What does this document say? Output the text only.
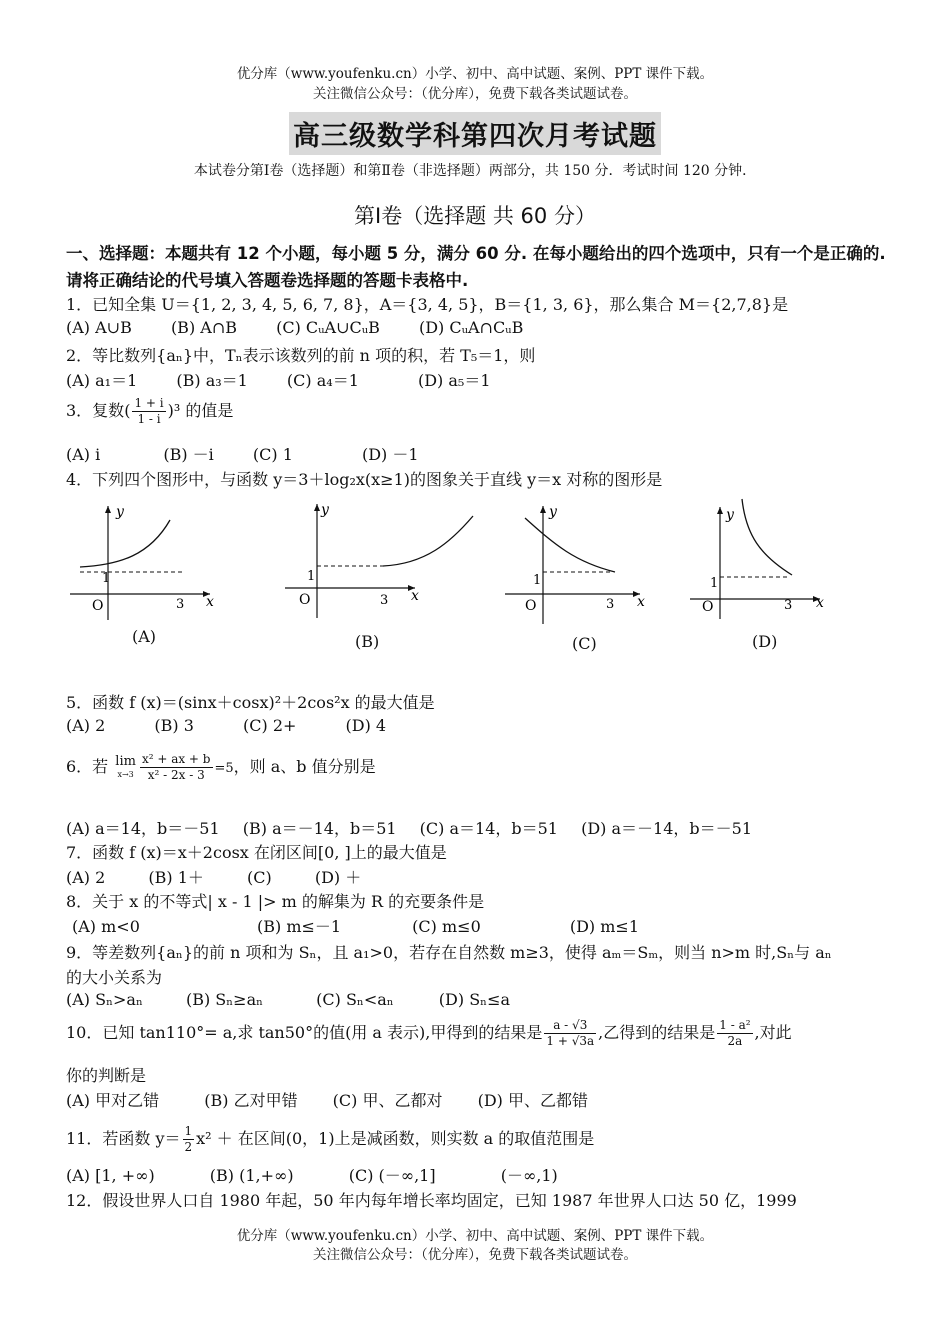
优分库（www.youfenku.cn）小学、初中、高中试题、案例、PPT 课件下载。
关注微信公众号：（优分库），免费下载各类试题试卷。
高三级数学科第四次月考试题
本试卷分第Ⅰ卷（选择题）和第Ⅱ卷（非选择题）两部分，共 150 分．考试时间 120 分钟．
第Ⅰ卷（选择题 共 60 分）
一、选择题：本题共有 12 个小题，每小题 5 分，满分 60 分. 在每小题给出的四个选项中，只有一个是正确的. 请将正确结论的代号填入答题卷选择题的答题卡表格中.
1．已知全集 U＝{1, 2, 3, 4, 5, 6, 7, 8}，A＝{3, 4, 5}，B＝{1, 3, 6}，那么集合 M＝{2,7,8}是
(A) A∪B (B) A∩B (C) CᵤA∪CᵤB (D) CᵤA∩CᵤB
2．等比数列{aₙ}中，Tₙ表示该数列的前 n 项的积，若 T₅＝1，则
(A) a₁＝1 (B) a₃＝1 (C) a₄＝1	(D) a₅＝1
3．复数( $\frac{1 + i}{1 - i} )^3$ 的值是
(A) i	(B) －i (C) 1	(D) －1
4．下列四个图形中，与函数 y＝3＋log₂x(x≥1)的图象关于直线 y＝x 对称的图形是
y
x
O
1
3
(A)
y
x
O
1
3
(B)
y
x
O
1
3
(C)
y
x
O
1
3
(D)
5．函数 f (x)＝(sinx＋cosx)²＋2cos²x 的最大值是
(A) 2	(B) 3	(C) 2+	(D) 4
6．若 lim
$x\to 3 \frac{\text{x² + ax + b}}{\text{x² - 2x - 3}} =5$，则 a、b 值分别是
(A) a＝14，b＝－51 (B) a＝－14，b＝51 (C) a＝14，b＝51 (D) a＝－14，b＝－51
7．函数 f (x)＝x＋2cosx 在闭区间[0, ]上的最大值是
(A) 2	(B) 1＋	(C)	(D) ＋
8．关于 x 的不等式| x - 1 |> m 的解集为 R 的充要条件是
(A) m<0	(B) m≤－1	(C) m≤0	(D) m≤1
9．等差数列{aₙ}的前 n 项和为 Sₙ，且 a₁>0，若存在自然数 m≥3，使得 aₘ＝Sₘ，则当 n>m 时,Sₙ与 aₙ
的大小关系为
(A) Sₙ>aₙ	(B) Sₙ≥aₙ	(C) Sₙ<aₙ	(D) Sₙ≤a
10．已知 tan110°= a,求 tan50°的值(用 a 表示),甲得到的结果是 $\frac{a - √3}{1 + √3a}$ ,乙得到的结果是 $\frac{\text{1 - a²}}{2a}$ ,对此
你的判断是
(A) 甲对乙错	(B) 乙对甲错 (C) 甲、乙都对 (D) 甲、乙都错
11．若函数 $y= \frac{1}{2} x^2$ ＋ 在区间(0，1)上是减函数，则实数 a 的取值范围是
(A) [1, +∞)	(B) (1,+∞)	(C) (－∞,1]	(－∞,1)
12．假设世界人口自 1980 年起，50 年内每年增长率均固定，已知 1987 年世界人口达 50 亿，1999
优分库（www.youfenku.cn）小学、初中、高中试题、案例、PPT 课件下载。
关注微信公众号：（优分库），免费下载各类试题试卷。
